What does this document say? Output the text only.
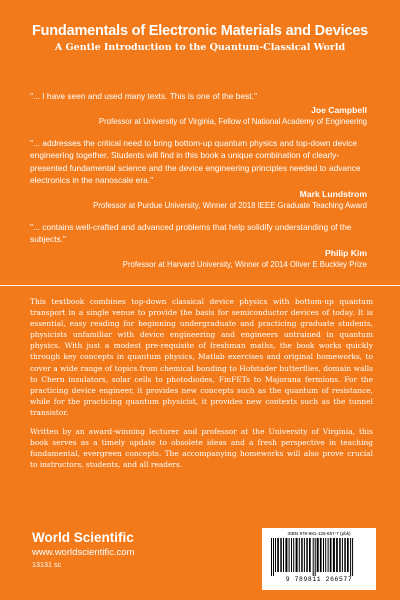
Fundamentals of Electronic Materials and Devices
A Gentle Introduction to the Quantum-Classical World

"... I have seen and used many texts. This is one of the best."

Joe Campbell
Professor at University of Virginia, Fellow of National Academy of Engineering

"... addresses the critical need to bring bottom-up quantum physics and top-down device engineering together. Students will find in this book a unique combination of clearly-presented fundamental science and the device engineering principles needed to advance electronics in the nanoscale era."

Mark Lundstrom
Professor at Purdue University, Winner of 2018 IEEE Graduate Teaching Award

"... contains well-crafted and advanced problems that help solidify understanding of the subjects."

Philip Kim
Professor at Harvard University, Winner of 2014 Oliver E Buckley Prize

This textbook combines top-down classical device physics with bottom-up quantum transport in a single venue to provide the basis for semiconductor devices of today. It is essential, easy reading for beginning undergraduate and practicing graduate students, physicists unfamiliar with device engineering and engineers untrained in quantum physics. With just a modest pre-requisite of freshman maths, the book works quickly through key concepts in quantum physics, Matlab exercises and original homeworks, to cover a wide range of topics from chemical bonding to Hofstader butterflies, domain walls to Chern insulators, solar cells to photodiodes, FinFETs to Majorana fermions. For the practicing device engineer, it provides new concepts such as the quantum of resistance, while for the practicing quantum physicist, it provides new contexts such as the tunnel transistor.

Written by an award-winning lecturer and professor at the University of Virginia, this book serves as a timely update to obsolete ideas and a fresh perspective in teaching fundamental, evergreen concepts. The accompanying homeworks will also prove crucial to instructors, students, and all readers.

World Scientific
www.worldscientific.com
13131 sc
ISBN 978-981-126-657-7 (pbk)
9 789811 266577
